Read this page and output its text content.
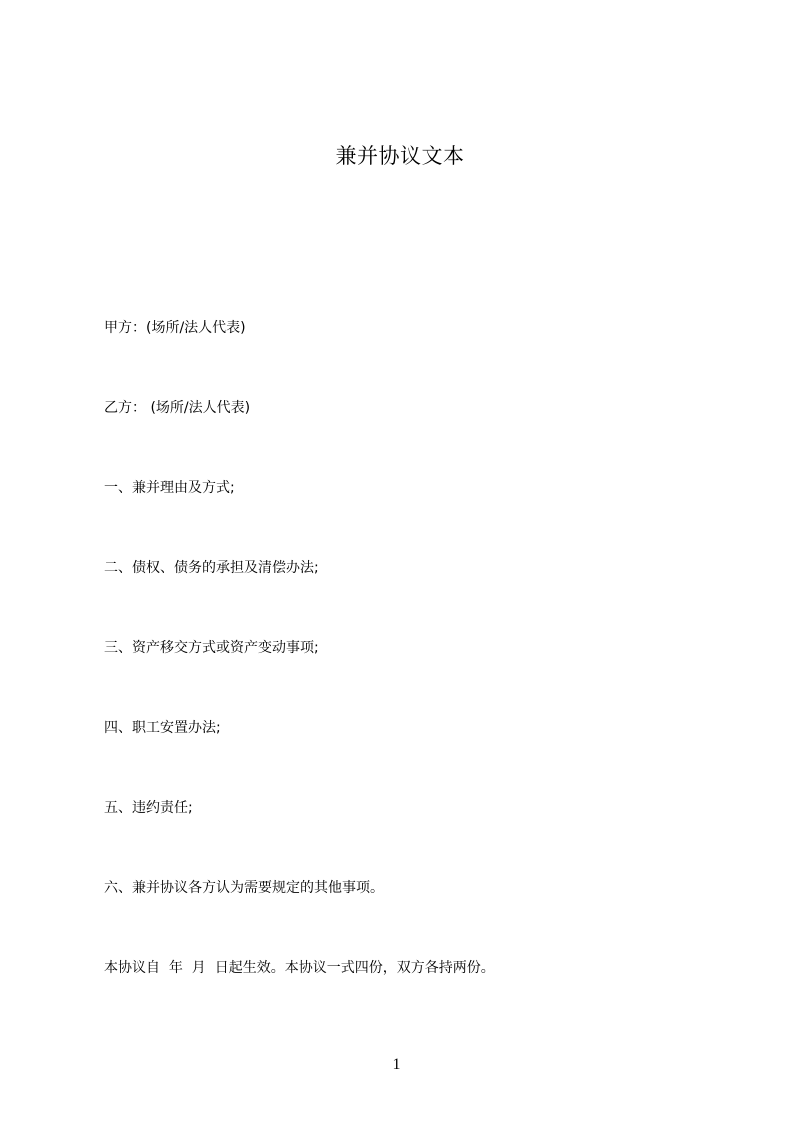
兼并协议文本
甲方：(场所/法人代表)
乙方： (场所/法人代表)
一、兼并理由及方式;
二、债权、债务的承担及清偿办法;
三、资产移交方式或资产变动事项;
四、职工安置办法;
五、违约责任;
六、兼并协议各方认为需要规定的其他事项。
本协议自  年  月  日起生效。本协议一式四份，双方各持两份。
1
